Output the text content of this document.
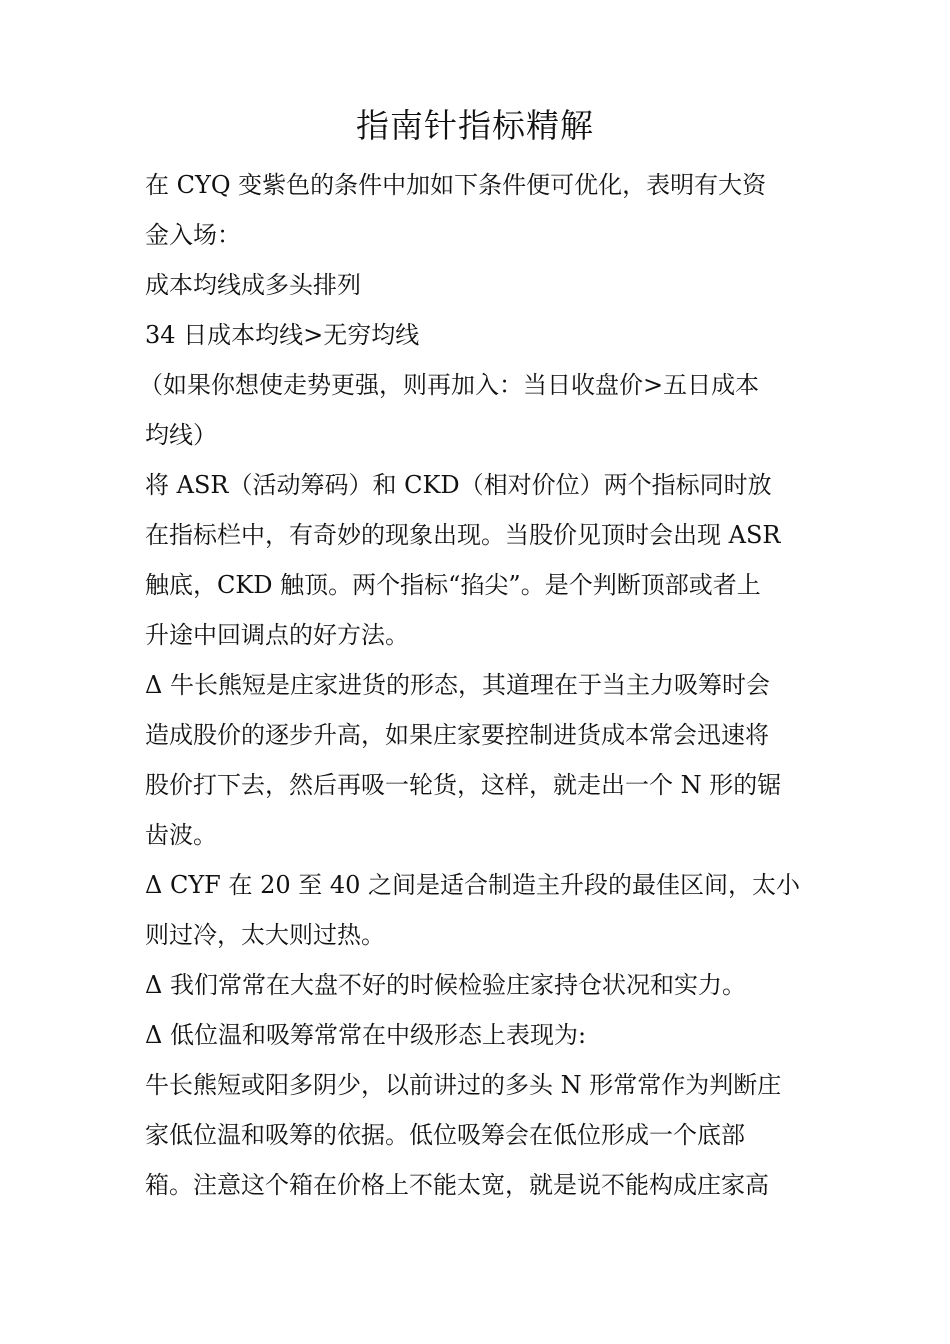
指南针指标精解
在 CYQ 变紫色的条件中加如下条件便可优化，表明有大资
金入场：
成本均线成多头排列
34 日成本均线>无穷均线
（如果你想使走势更强，则再加入：当日收盘价>五日成本
均线）
将 ASR（活动筹码）和 CKD（相对价位）两个指标同时放
在指标栏中，有奇妙的现象出现。当股价见顶时会出现 ASR
触底，CKD 触顶。两个指标“掐尖”。是个判断顶部或者上
升途中回调点的好方法。
Δ 牛长熊短是庄家进货的形态，其道理在于当主力吸筹时会
造成股价的逐步升高，如果庄家要控制进货成本常会迅速将
股价打下去，然后再吸一轮货，这样，就走出一个 N 形的锯
齿波。
Δ CYF 在 20 至 40 之间是适合制造主升段的最佳区间，太小
则过冷，太大则过热。
Δ 我们常常在大盘不好的时候检验庄家持仓状况和实力。
Δ 低位温和吸筹常常在中级形态上表现为:
牛长熊短或阳多阴少，以前讲过的多头 N 形常常作为判断庄
家低位温和吸筹的依据。低位吸筹会在低位形成一个底部
箱。注意这个箱在价格上不能太宽，就是说不能构成庄家高
